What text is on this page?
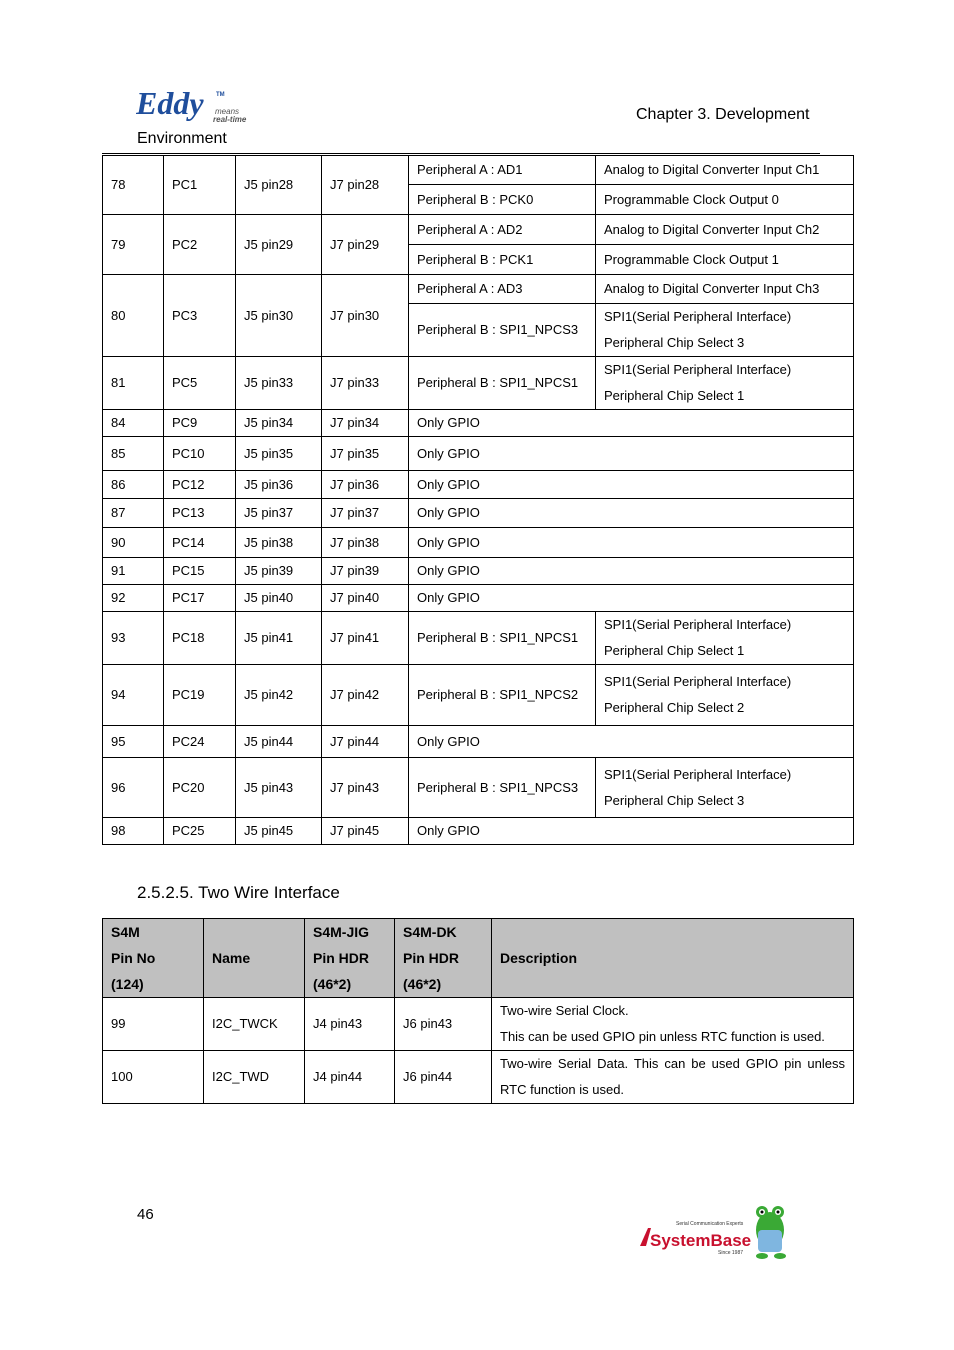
Eddy TM
means
real-time	Chapter 3. Development
Environment
78	PC1	J5 pin28	J7 pin28	Peripheral A : AD1	Analog to Digital Converter Input Ch1
				Peripheral B : PCK0	Programmable Clock Output 0
79	PC2	J5 pin29	J7 pin29	Peripheral A : AD2	Analog to Digital Converter Input Ch2
				Peripheral B : PCK1	Programmable Clock Output 1
80	PC3	J5 pin30	J7 pin30	Peripheral A : AD3	Analog to Digital Converter Input Ch3
				Peripheral B : SPI1_NPCS3	SPI1(Serial Peripheral Interface)
Peripheral Chip Select 3
81	PC5	J5 pin33	J7 pin33	Peripheral B : SPI1_NPCS1	SPI1(Serial Peripheral Interface)
Peripheral Chip Select 1
84	PC9	J5 pin34	J7 pin34	Only GPIO	
85	PC10	J5 pin35	J7 pin35	Only GPIO	
86	PC12	J5 pin36	J7 pin36	Only GPIO	
87	PC13	J5 pin37	J7 pin37	Only GPIO	
90	PC14	J5 pin38	J7 pin38	Only GPIO	
91	PC15	J5 pin39	J7 pin39	Only GPIO	
92	PC17	J5 pin40	J7 pin40	Only GPIO	
93	PC18	J5 pin41	J7 pin41	Peripheral B : SPI1_NPCS1	SPI1(Serial Peripheral Interface)
Peripheral Chip Select 1
94	PC19	J5 pin42	J7 pin42	Peripheral B : SPI1_NPCS2	SPI1(Serial Peripheral Interface)
Peripheral Chip Select 2
95	PC24	J5 pin44	J7 pin44	Only GPIO	
96	PC20	J5 pin43	J7 pin43	Peripheral B : SPI1_NPCS3	SPI1(Serial Peripheral Interface)
Peripheral Chip Select 3
98	PC25	J5 pin45	J7 pin45	Only GPIO	
2.5.2.5. Two Wire Interface
S4M
Pin No
(124)	Name	S4M-JIG
Pin HDR
(46*2)	S4M-DK
Pin HDR
(46*2)	Description
99	I2C_TWCK	J4 pin43	J6 pin43	Two-wire Serial Clock.
This can be used GPIO pin unless RTC function is used.
100	I2C_TWD	J4 pin44	J6 pin44	Two-wire Serial Data. This can be used GPIO pin unless RTC function is used.
46
Serial Communication Experts
SystemBase
Since 1987
